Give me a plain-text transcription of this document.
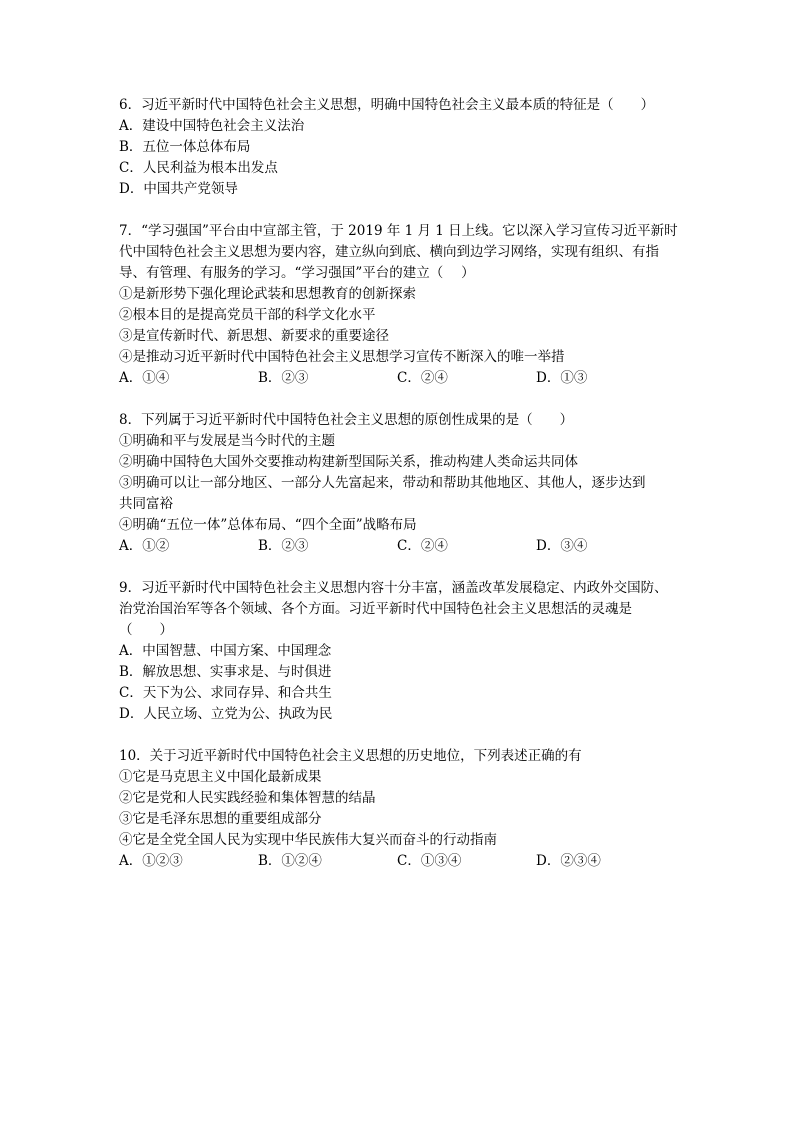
6．习近平新时代中国特色社会主义思想，明确中国特色社会主义最本质的特征是（　　）
A．建设中国特色社会主义法治
B．五位一体总体布局
C．人民利益为根本出发点
D．中国共产党领导
7．“学习强国”平台由中宣部主管，于 2019 年 1 月 1 日上线。它以深入学习宣传习近平新时
代中国特色社会主义思想为要内容，建立纵向到底、横向到边学习网络，实现有组织、有指
导、有管理、有服务的学习。“学习强国”平台的建立（　 ）
①是新形势下强化理论武装和思想教育的创新探索
②根本目的是提高党员干部的科学文化水平
③是宣传新时代、新思想、新要求的重要途径
④是推动习近平新时代中国特色社会主义思想学习宣传不断深入的唯一举措
A．①④	B．②③	C．②④	D．①③
8．下列属于习近平新时代中国特色社会主义思想的原创性成果的是（　　）
①明确和平与发展是当今时代的主题
②明确中国特色大国外交要推动构建新型国际关系，推动构建人类命运共同体
③明确可以让一部分地区、一部分人先富起来，带动和帮助其他地区、其他人，逐步达到
共同富裕
④明确“五位一体”总体布局、“四个全面”战略布局
A．①②	B．②③	C．②④	D．③④
9．习近平新时代中国特色社会主义思想内容十分丰富，涵盖改革发展稳定、内政外交国防、
治党治国治军等各个领域、各个方面。习近平新时代中国特色社会主义思想活的灵魂是
（　　）
A．中国智慧、中国方案、中国理念
B．解放思想、实事求是、与时俱进
C．天下为公、求同存异、和合共生
D．人民立场、立党为公、执政为民
10．关于习近平新时代中国特色社会主义思想的历史地位，下列表述正确的有
①它是马克思主义中国化最新成果
②它是党和人民实践经验和集体智慧的结晶
③它是毛泽东思想的重要组成部分
④它是全党全国人民为实现中华民族伟大复兴而奋斗的行动指南
A．①②③	B．①②④	C．①③④	D．②③④
